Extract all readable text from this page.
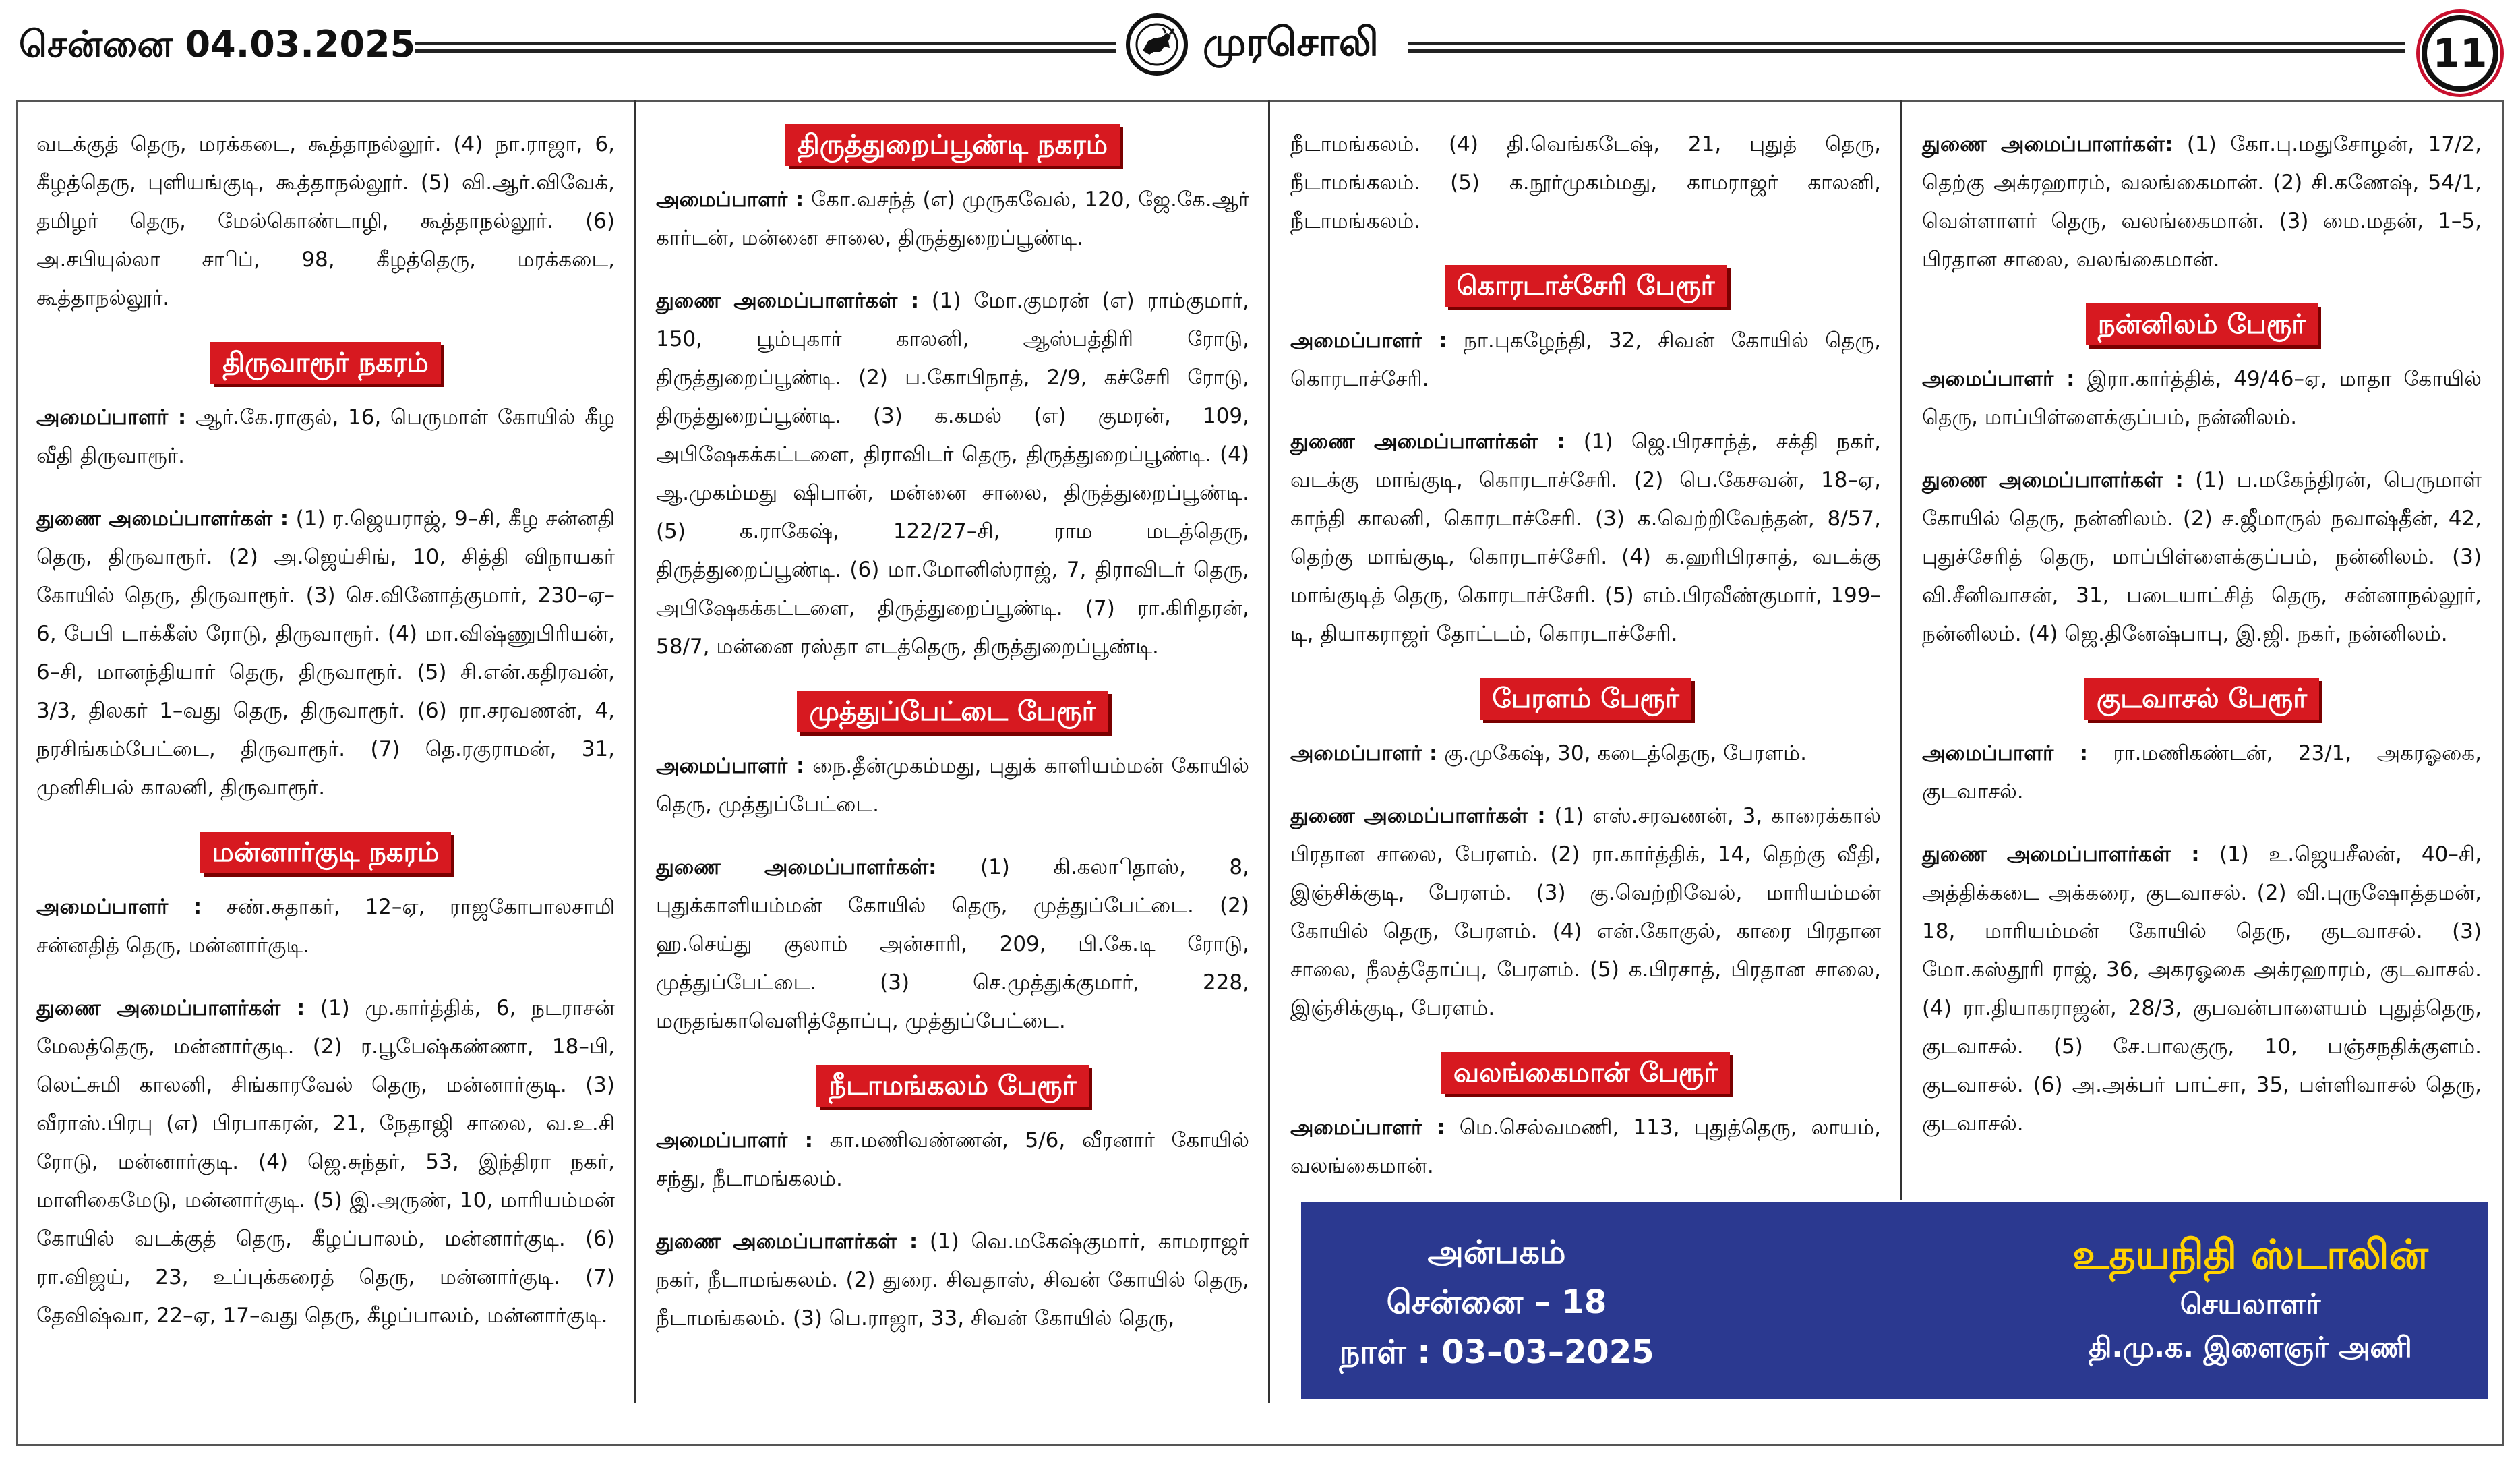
சென்னை 04.03.2025	முரசொலி	11

வடக்குத் தெரு, மரக்கடை, கூத்தாநல்லூர். (4) நா.ராஜா, 6, கீழத்தெரு, புளியங்குடி, கூத்தாநல்லூர். (5) வி.ஆர்.விவேக், தமிழர் தெரு, மேல்கொண்டாழி, கூத்தாநல்லூர். (6) அ.சபியுல்லா சாிப், 98, கீழத்தெரு, மரக்கடை, கூத்தாநல்லூர்.

திருவாரூர் நகரம்

அமைப்பாளர் : ஆர்.கே.ராகுல், 16, பெருமாள் கோயில் கீழ வீதி திருவாரூர்.

துணை அமைப்பாளர்கள் : (1) ர.ஜெயராஜ், 9–சி, கீழ சன்னதி தெரு, திருவாரூர். (2) அ.ஜெய்சிங், 10, சித்தி விநாயகர் கோயில் தெரு, திருவாரூர். (3) செ.வினோத்குமார், 230–ஏ–6, பேபி டாக்கீஸ் ரோடு, திருவாரூர். (4) மா.விஷ்ணுபிரியன், 6–சி, மானந்தியார் தெரு, திருவாரூர். (5) சி.என்.கதிரவன், 3/3, திலகர் 1–வது தெரு, திருவாரூர். (6) ரா.சரவணன், 4, நரசிங்கம்பேட்டை, திருவாரூர். (7) தெ.ரகுராமன், 31, முனிசிபல் காலனி, திருவாரூர்.

மன்னார்குடி நகரம்

அமைப்பாளர் : சண்.சுதாகர், 12–ஏ, ராஜகோபாலசாமி சன்னதித் தெரு, மன்னார்குடி.

துணை அமைப்பாளர்கள் : (1) மு.கார்த்திக், 6, நடராசன் மேலத்தெரு, மன்னார்குடி. (2) ர.பூபேஷ்கண்ணா, 18–பி, லெட்சுமி காலனி, சிங்காரவேல் தெரு, மன்னார்குடி. (3) வீராஸ்.பிரபு (எ) பிரபாகரன், 21, நேதாஜி சாலை, வ.உ.சி ரோடு, மன்னார்குடி. (4) ஜெ.சுந்தர், 53, இந்திரா நகர், மாளிகைமேடு, மன்னார்குடி. (5) இ.அருண், 10, மாரியம்மன் கோயில் வடக்குத் தெரு, கீழப்பாலம், மன்னார்குடி. (6) ரா.விஜய், 23, உப்புக்கரைத் தெரு, மன்னார்குடி. (7) தேவிஷ்வா, 22–ஏ, 17–வது தெரு, கீழப்பாலம், மன்னார்குடி.

திருத்துறைப்பூண்டி நகரம்

அமைப்பாளர் : கோ.வசந்த் (எ) முருகவேல், 120, ஜே.கே.ஆர் கார்டன், மன்னை சாலை, திருத்துறைப்பூண்டி.

துணை அமைப்பாளர்கள் : (1) மோ.குமரன் (எ) ராம்குமார், 150, பூம்புகார் காலனி, ஆஸ்பத்திரி ரோடு, திருத்துறைப்பூண்டி. (2) ப.கோபிநாத், 2/9, கச்சேரி ரோடு, திருத்துறைப்பூண்டி. (3) க.கமல் (எ) குமரன், 109, அபிஷேகக்கட்டளை, திராவிடர் தெரு, திருத்துறைப்பூண்டி. (4) ஆ.முகம்மது ஷிபான், மன்னை சாலை, திருத்துறைப்பூண்டி. (5) க.ராகேஷ், 122/27–சி, ராம மடத்தெரு, திருத்துறைப்பூண்டி. (6) மா.மோனிஸ்ராஜ், 7, திராவிடர் தெரு, அபிஷேகக்கட்டளை, திருத்துறைப்பூண்டி. (7) ரா.கிரிதரன், 58/7, மன்னை ரஸ்தா எடத்தெரு, திருத்துறைப்பூண்டி.

முத்துப்பேட்டை பேரூர்

அமைப்பாளர் : நை.தீன்முகம்மது, புதுக் காளியம்மன் கோயில் தெரு, முத்துப்பேட்டை.

துணை அமைப்பாளர்கள்: (1) கி.கலாிதாஸ், 8, புதுக்காளியம்மன் கோயில் தெரு, முத்துப்பேட்டை. (2) ஹ.செய்து குலாம் அன்சாரி, 209, பி.கே.டி ரோடு, முத்துப்பேட்டை. (3) செ.முத்துக்குமார், 228, மருதங்காவெளித்தோப்பு, முத்துப்பேட்டை.

நீடாமங்கலம் பேரூர்

அமைப்பாளர் : கா.மணிவண்ணன், 5/6, வீரனார் கோயில் சந்து, நீடாமங்கலம்.

துணை அமைப்பாளர்கள் : (1) வெ.மகேஷ்குமார், காமராஜர் நகர், நீடாமங்கலம். (2) துரை. சிவதாஸ், சிவன் கோயில் தெரு, நீடாமங்கலம். (3) பெ.ராஜா, 33, சிவன் கோயில் தெரு,

நீடாமங்கலம். (4) தி.வெங்கடேஷ், 21, புதுத் தெரு, நீடாமங்கலம். (5) க.நூர்முகம்மது, காமராஜர் காலனி, நீடாமங்கலம்.

கொரடாச்சேரி பேரூர்

அமைப்பாளர் : நா.புகழேந்தி, 32, சிவன் கோயில் தெரு, கொரடாச்சேரி.

துணை அமைப்பாளர்கள் : (1) ஜெ.பிரசாந்த், சக்தி நகர், வடக்கு மாங்குடி, கொரடாச்சேரி. (2) பெ.கேசவன், 18–ஏ, காந்தி காலனி, கொரடாச்சேரி. (3) க.வெற்றிவேந்தன், 8/57, தெற்கு மாங்குடி, கொரடாச்சேரி. (4) க.ஹரிபிரசாத், வடக்கு மாங்குடித் தெரு, கொரடாச்சேரி. (5) எம்.பிரவீண்குமார், 199–டி, தியாகராஜர் தோட்டம், கொரடாச்சேரி.

பேரளம் பேரூர்

அமைப்பாளர் : கு.முகேஷ், 30, கடைத்தெரு, பேரளம்.

துணை அமைப்பாளர்கள் : (1) எஸ்.சரவணன், 3, காரைக்கால் பிரதான சாலை, பேரளம். (2) ரா.கார்த்திக், 14, தெற்கு வீதி, இஞ்சிக்குடி, பேரளம். (3) கு.வெற்றிவேல், மாரியம்மன் கோயில் தெரு, பேரளம். (4) என்.கோகுல், காரை பிரதான சாலை, நீலத்தோப்பு, பேரளம். (5) க.பிரசாத், பிரதான சாலை, இஞ்சிக்குடி, பேரளம்.

வலங்கைமான் பேரூர்

அமைப்பாளர் : மெ.செல்வமணி, 113, புதுத்தெரு, லாயம், வலங்கைமான்.

துணை அமைப்பாளர்கள்: (1) கோ.பு.மதுசோழன், 17/2, தெற்கு அக்ரஹாரம், வலங்கைமான். (2) சி.கணேஷ், 54/1, வெள்ளாளர் தெரு, வலங்கைமான். (3) மை.மதன், 1–5, பிரதான சாலை, வலங்கைமான்.

நன்னிலம் பேரூர்

அமைப்பாளர் : இரா.கார்த்திக், 49/46–ஏ, மாதா கோயில் தெரு, மாப்பிள்ளைக்குப்பம், நன்னிலம்.

துணை அமைப்பாளர்கள் : (1) ப.மகேந்திரன், பெருமாள் கோயில் தெரு, நன்னிலம். (2) ச.ஜீமாருல் நவாஷ்தீன், 42, புதுச்சேரித் தெரு, மாப்பிள்ளைக்குப்பம், நன்னிலம். (3) வி.சீனிவாசன், 31, படையாட்சித் தெரு, சன்னாநல்லூர், நன்னிலம். (4) ஜெ.தினேஷ்பாபு, இ.ஜி. நகர், நன்னிலம்.

குடவாசல் பேரூர்

அமைப்பாளர் : ரா.மணிகண்டன், 23/1, அகரஓகை, குடவாசல்.

துணை அமைப்பாளர்கள் : (1) உ.ஜெயசீலன், 40–சி, அத்திக்கடை அக்கரை, குடவாசல். (2) வி.புருஷோத்தமன், 18, மாரியம்மன் கோயில் தெரு, குடவாசல். (3) மோ.கஸ்தூரி ராஜ், 36, அகரஓகை அக்ரஹாரம், குடவாசல். (4) ரா.தியாகராஜன், 28/3, குபவன்பாளையம் புதுத்தெரு, குடவாசல். (5) சே.பாலகுரு, 10, பஞ்சநதிக்குளம். குடவாசல். (6) அ.அக்பர் பாட்சா, 35, பள்ளிவாசல் தெரு, குடவாசல்.

அன்பகம்
சென்னை – 18
நாள் : 03–03–2025
உதயநிதி ஸ்டாலின்
செயலாளர்
தி.மு.க. இளைஞர் அணி
